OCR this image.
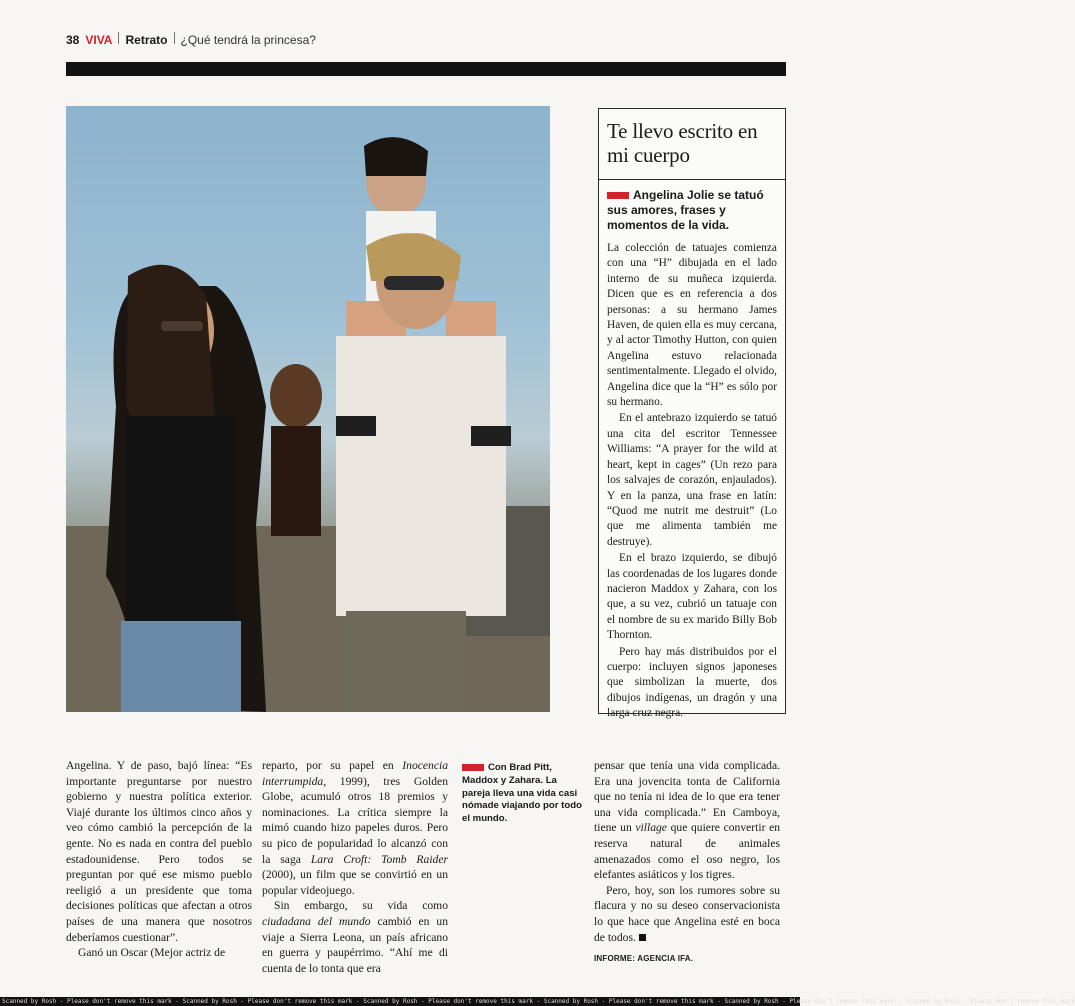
38 VIVA Retrato ¿Qué tendrá la princesa?
Te llevo escrito en mi cuerpo
Angelina Jolie se tatuó sus amores, frases y momentos de la vida.

La colección de tatuajes comienza con una “H” dibujada en el lado interno de su muñeca izquierda. Dicen que es en referencia a dos personas: a su hermano James Haven, de quien ella es muy cercana, y al actor Timothy Hutton, con quien Angelina estuvo relacionada sentimentalmente. Llegado el olvido, Angelina dice que la “H” es sólo por su hermano.

En el antebrazo izquierdo se tatuó una cita del escritor Tennessee Williams: “A prayer for the wild at heart, kept in cages” (Un rezo para los salvajes de corazón, enjaulados). Y en la panza, una frase en latín: “Quod me nutrit me destruit” (Lo que me alimenta también me destruye).

En el brazo izquierdo, se dibujó las coordenadas de los lugares donde nacieron Maddox y Zahara, con los que, a su vez, cubrió un tatuaje con el nombre de su ex marido Billy Bob Thornton.

Pero hay más distribuidos por el cuerpo: incluyen signos japoneses que simbolizan la muerte, dos dibujos indígenas, un dragón y una larga cruz negra.

Angelina. Y de paso, bajó línea: “Es importante preguntarse por nuestro gobierno y nuestra política exterior. Viajé durante los últimos cinco años y veo cómo cambió la percepción de la gente. No es nada en contra del pueblo estadounidense. Pero todos se preguntan por qué ese mismo pueblo reeligió a un presidente que toma decisiones políticas que afectan a otros países de una manera que nosotros deberíamos cuestionar”.

Ganó un Oscar (Mejor actriz de

reparto, por su papel en Inocencia interrumpida, 1999), tres Golden Globe, acumuló otros 18 premios y nominaciones. La crítica siempre la mimó cuando hizo papeles duros. Pero su pico de popularidad lo alcanzó con la saga Lara Croft: Tomb Raider (2000), un film que se convirtió en un popular videojuego.

Sin embargo, su vida como ciudadana del mundo cambió en un viaje a Sierra Leona, un país africano en guerra y paupérrimo. “Ahí me di cuenta de lo tonta que era

Con Brad Pitt, Maddox y Zahara. La pareja lleva una vida casi nómade viajando por todo el mundo.

pensar que tenía una vida complicada. Era una jovencita tonta de California que no tenía ni idea de lo que era tener una vida complicada.” En Camboya, tiene un village que quiere convertir en reserva natural de animales amenazados como el oso negro, los elefantes asiáticos y los tigres.

Pero, hoy, son los rumores sobre su flacura y no su deseo conservacionista lo que hace que Angelina esté en boca de todos.

INFORME: AGENCIA IFA.
Scanned by Rosh - Please don't remove this mark - Scanned by Rosh - Please don't remove this mark - Scanned by Rosh - Please don't remove this mark - Scanned by Rosh - Please don't remove this mark - Scanned by Rosh - Please don't remove this mark - Scanned by Rosh - Please don't remove this mark
